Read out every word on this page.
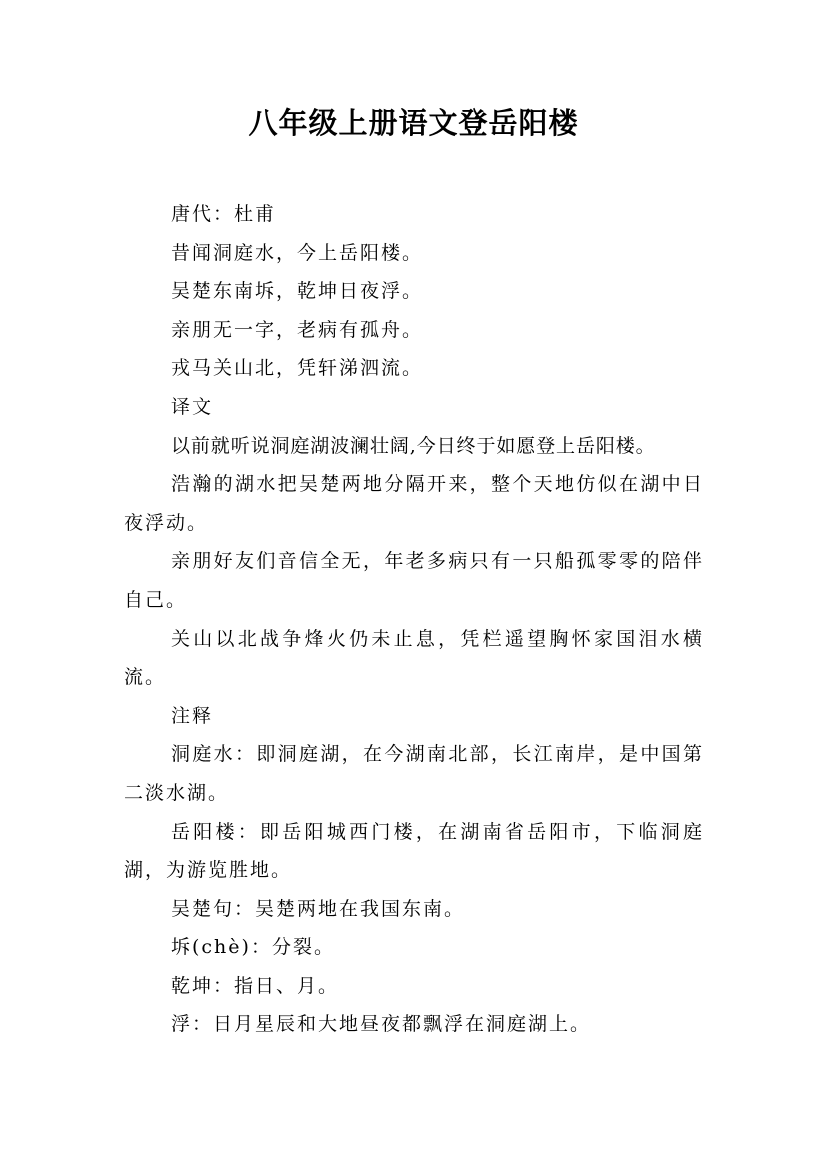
八年级上册语文登岳阳楼

唐代：杜甫

昔闻洞庭水，今上岳阳楼。

吴楚东南坼，乾坤日夜浮。

亲朋无一字，老病有孤舟。

戎马关山北，凭轩涕泗流。

译文

以前就听说洞庭湖波澜壮阔,今日终于如愿登上岳阳楼。

浩瀚的湖水把吴楚两地分隔开来，整个天地仿似在湖中日夜浮动。

亲朋好友们音信全无，年老多病只有一只船孤零零的陪伴自己。

关山以北战争烽火仍未止息，凭栏遥望胸怀家国泪水横流。

注释

洞庭水：即洞庭湖，在今湖南北部，长江南岸，是中国第二淡水湖。

岳阳楼：即岳阳城西门楼，在湖南省岳阳市，下临洞庭湖，为游览胜地。

吴楚句：吴楚两地在我国东南。

坼(chè)：分裂。

乾坤：指日、月。

浮：日月星辰和大地昼夜都飘浮在洞庭湖上。
